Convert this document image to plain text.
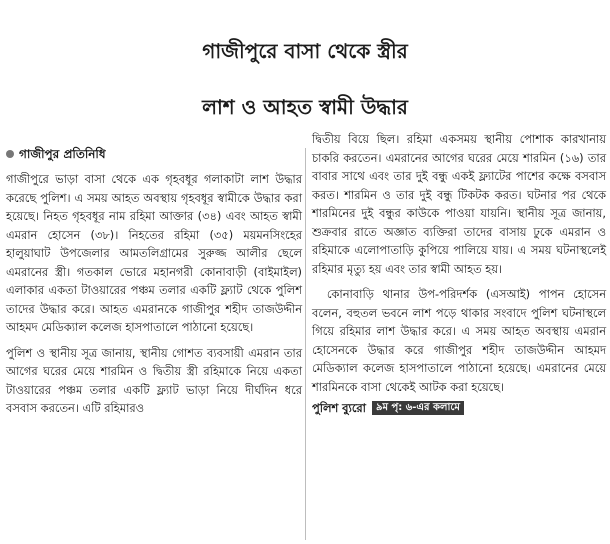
গাজীপুরে বাসা থেকে স্ত্রীর
লাশ ও আহত স্বামী উদ্ধার
গাজীপুর প্রতিনিধি

গাজীপুরে ভাড়া বাসা থেকে এক গৃহবধূর গলাকাটা লাশ উদ্ধার করেছে পুলিশ। এ সময় আহত অবস্থায় গৃহবধূর স্বামীকে উদ্ধার করা হয়েছে। নিহত গৃহবধূর নাম রহিমা আক্তার (৩৪) এবং আহত স্বামী এমরান হোসেন (৩৮)। নিহতের রহিমা (৩৫) ময়মনসিংহের হালুয়াঘাট উপজেলার আমতলিগ্রামের সুরুজ্জ আলীর ছেলে এমরানের স্ত্রী। গতকাল ভোরে মহানগরী কোনাবাড়ী (বাইমাইল) এলাকার একতা টাওয়ারের পঞ্চম তলার একটি ফ্ল্যাট থেকে পুলিশ তাদের উদ্ধার করে। আহত এমরানকে গাজীপুর শহীদ তাজউদ্দীন আহমদ মেডিক্যাল কলেজ হাসপাতালে পাঠানো হয়েছে।

পুলিশ ও স্থানীয় সূত্র জানায়, স্থানীয় গোশত ব্যবসায়ী এমরান তার আগের ঘরের মেয়ে শারমিন ও দ্বিতীয় স্ত্রী রহিমাকে নিয়ে একতা টাওয়ারের পঞ্চম তলার একটি ফ্ল্যাট ভাড়া নিয়ে দীর্ঘদিন ধরে বসবাস করতেন। এটি রহিমারও

দ্বিতীয় বিয়ে ছিল। রহিমা একসময় স্থানীয় পোশাক কারখানায় চাকরি করতেন। এমরানের আগের ঘরের মেয়ে শারমিন (১৬) তার বাবার সাথে এবং তার দুই বন্ধু একই ফ্ল্যাটের পাশের কক্ষে বসবাস করত। শারমিন ও তার দুই বন্ধু টিকটক করত। ঘটনার পর থেকে শারমিনের দুই বন্ধুর কাউকে পাওয়া যায়নি। স্থানীয় সূত্র জানায়, শুক্রবার রাতে অজ্ঞাত ব্যক্তিরা তাদের বাসায় ঢুকে এমরান ও রহিমাকে এলোপাতাড়ি কুপিয়ে পালিয়ে যায়। এ সময় ঘটনাস্থলেই রহিমার মৃত্যু হয় এবং তার স্বামী আহত হয়।

কোনাবাড়ি থানার উপ-পরিদর্শক (এসআই) পাপন হোসেন বলেন, বহুতল ভবনে লাশ পড়ে থাকার সংবাদে পুলিশ ঘটনাস্থলে গিয়ে রহিমার লাশ উদ্ধার করে। এ সময় আহত অবস্থায় এমরান হোসেনকে উদ্ধার করে গাজীপুর শহীদ তাজউদ্দীন আহমদ মেডিক্যাল কলেজ হাসপাতালে পাঠানো হয়েছে। এমরানের মেয়ে শারমিনকে বাসা থেকেই আটক করা হয়েছে।

পুলিশ ব্যুরো	৯ম পৃ: ৬-এর কলামে
